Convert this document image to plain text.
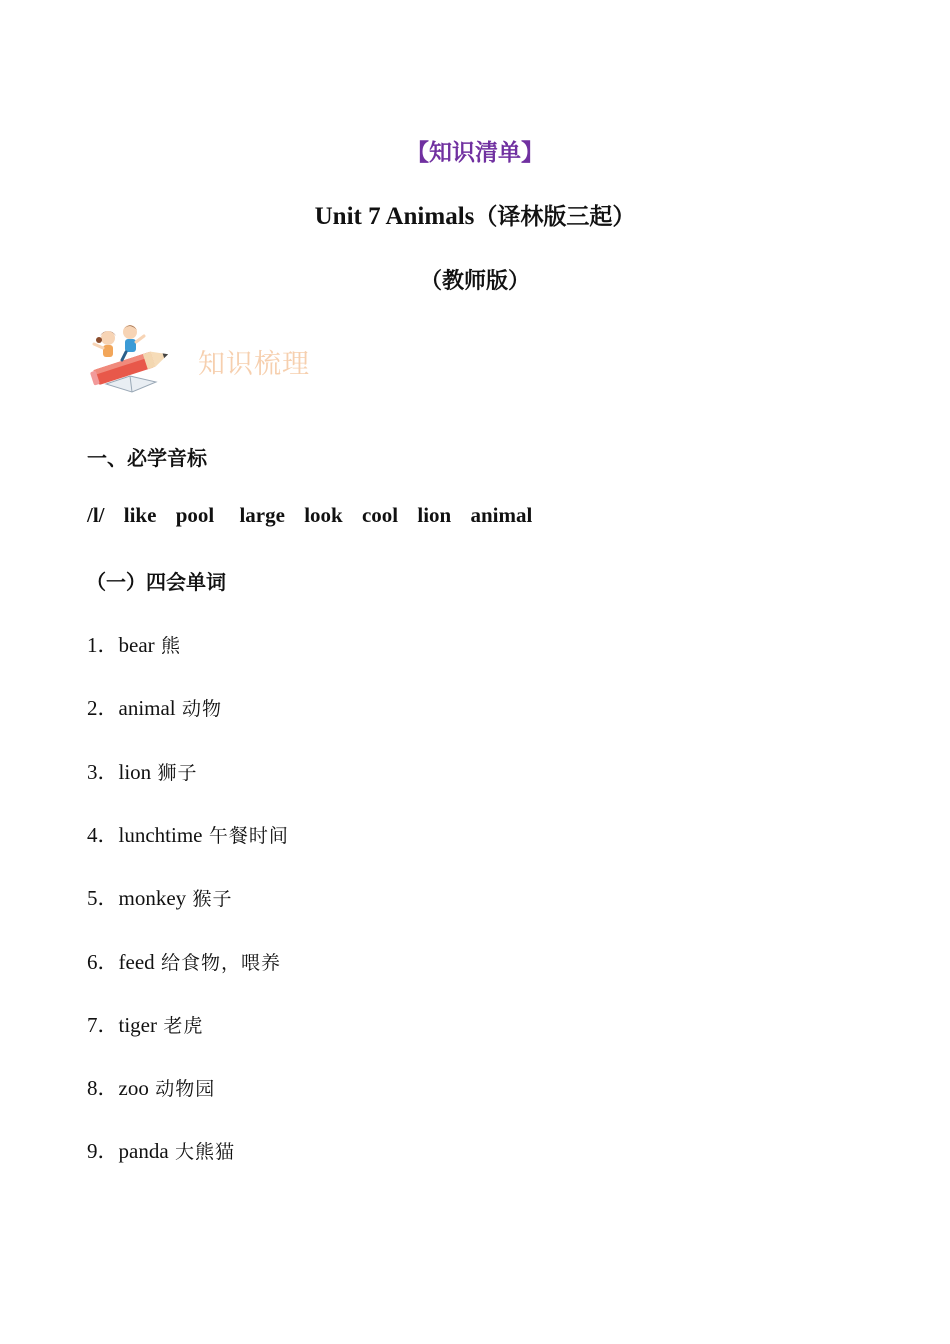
【知识清单】
Unit 7 Animals（译林版三起）
（教师版）
知识梳理
一、必学音标
/l/ like pool large look cool lion animal
（一）四会单词
1．bear 熊
2．animal 动物
3．lion 狮子
4．lunchtime 午餐时间
5．monkey 猴子
6．feed 给食物，喂养
7．tiger 老虎
8．zoo 动物园
9．panda 大熊猫
